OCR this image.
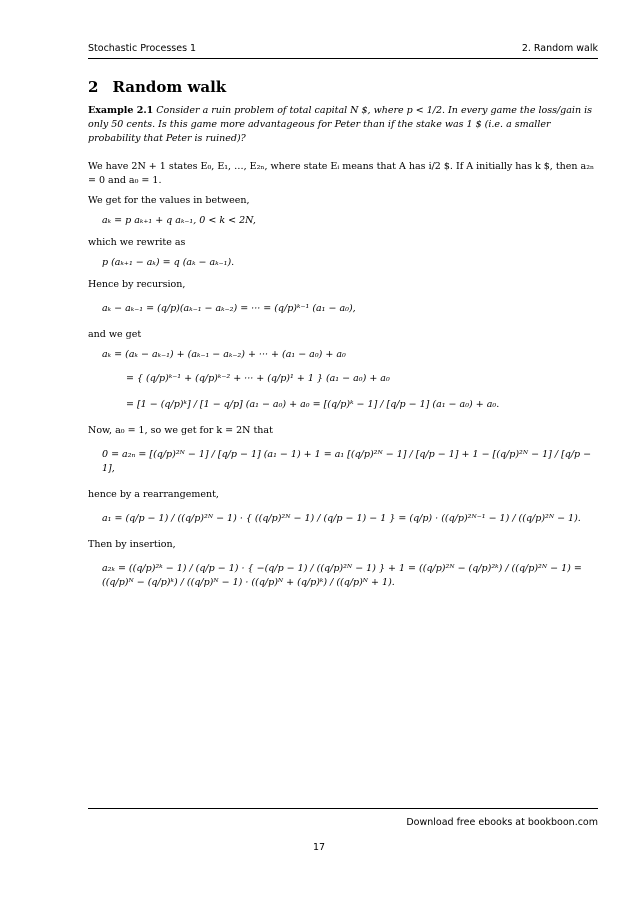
Stochastic Processes 1	2. Random walk
2 Random walk

Example 2.1 Consider a ruin problem of total capital N $, where p < 1/2. In every game the loss/gain is only 50 cents. Is this game more advantageous for Peter than if the stake was 1 $ (i.e. a smaller probability that Peter is ruined)?

We have 2N + 1 states E₀, E₁, …, E₂ₙ, where state Eᵢ means that A has i/2 $. If A initially has k $, then a₂ₙ = 0 and a₀ = 1.

We get for the values in between,

aₖ = p aₖ₊₁ + q aₖ₋₁, 0 < k < 2N,

which we rewrite as

p (aₖ₊₁ − aₖ) = q (aₖ − aₖ₋₁).

Hence by recursion,

aₖ − aₖ₋₁ = (q/p)(aₖ₋₁ − aₖ₋₂) = ··· = (q/p)ᵏ⁻¹ (a₁ − a₀),

and we get

aₖ = (aₖ − aₖ₋₁) + (aₖ₋₁ − aₖ₋₂) + ··· + (a₁ − a₀) + a₀
= { (q/p)ᵏ⁻¹ + (q/p)ᵏ⁻² + ··· + (q/p)¹ + 1 } (a₁ − a₀) + a₀
= [1 − (q/p)ᵏ] / [1 − q/p] (a₁ − a₀) + a₀ = [(q/p)ᵏ − 1] / [q/p − 1] (a₁ − a₀) + a₀.

Now, a₀ = 1, so we get for k = 2N that

0 = a₂ₙ = [(q/p)²ᴺ − 1] / [q/p − 1] (a₁ − 1) + 1 = a₁ [(q/p)²ᴺ − 1] / [q/p − 1] + 1 − [(q/p)²ᴺ − 1] / [q/p − 1],

hence by a rearrangement,

a₁ = (q/p − 1) / ((q/p)²ᴺ − 1) · { ((q/p)²ᴺ − 1) / (q/p − 1) − 1 } = (q/p) · ((q/p)²ᴺ⁻¹ − 1) / ((q/p)²ᴺ − 1).

Then by insertion,

a₂ₖ = ((q/p)²ᵏ − 1) / (q/p − 1) · { −(q/p − 1) / ((q/p)²ᴺ − 1) } + 1 = ((q/p)²ᴺ − (q/p)²ᵏ) / ((q/p)²ᴺ − 1) = ((q/p)ᴺ − (q/p)ᵏ) / ((q/p)ᴺ − 1) · ((q/p)ᴺ + (q/p)ᵏ) / ((q/p)ᴺ + 1).
Download free ebooks at bookboon.com
17
